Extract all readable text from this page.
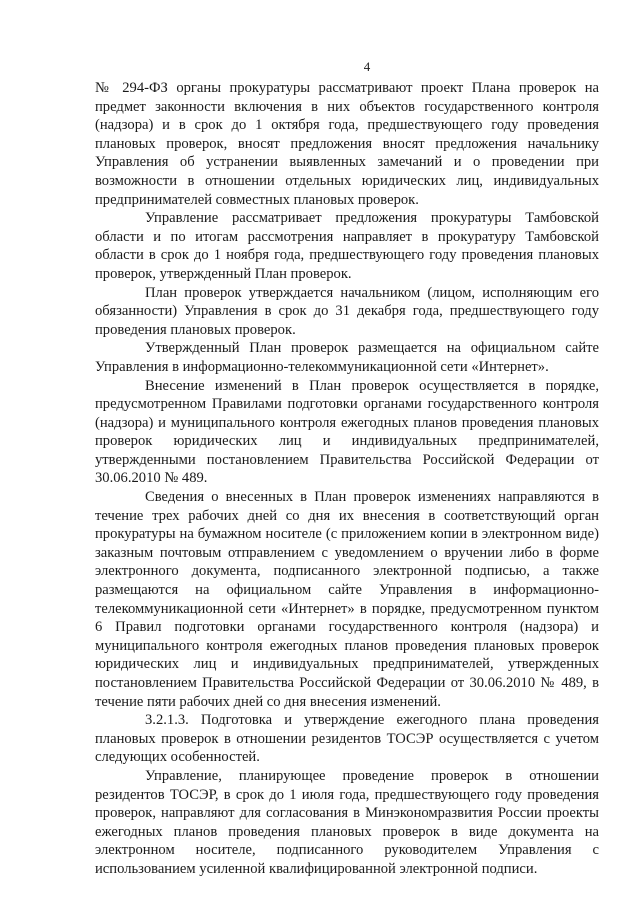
4

№ 294-ФЗ органы прокуратуры рассматривают проект Плана проверок на предмет законности включения в них объектов государственного контроля (надзора) и в срок до 1 октября года, предшествующего году проведения плановых проверок, вносят предложения вносят предложения начальнику Управления об устранении выявленных замечаний и о проведении при возможности в отношении отдельных юридических лиц, индивидуальных предпринимателей совместных плановых проверок.

Управление рассматривает предложения прокуратуры Тамбовской области и по итогам рассмотрения направляет в прокуратуру Тамбовской области в срок до 1 ноября года, предшествующего году проведения плановых проверок, утвержденный План проверок.

План проверок утверждается начальником (лицом, исполняющим его обязанности) Управления в срок до 31 декабря года, предшествующего году проведения плановых проверок.

Утвержденный План проверок размещается на официальном сайте Управления в информационно-телекоммуникационной сети «Интернет».

Внесение изменений в План проверок осуществляется в порядке, предусмотренном Правилами подготовки органами государственного контроля (надзора) и муниципального контроля ежегодных планов проведения плановых проверок юридических лиц и индивидуальных предпринимателей, утвержденными постановлением Правительства Российской Федерации от 30.06.2010 № 489.

Сведения о внесенных в План проверок изменениях направляются в течение трех рабочих дней со дня их внесения в соответствующий орган прокуратуры на бумажном носителе (с приложением копии в электронном виде) заказным почтовым отправлением с уведомлением о вручении либо в форме электронного документа, подписанного электронной подписью, а также размещаются на официальном сайте Управления в информационно-телекоммуникационной сети «Интернет» в порядке, предусмотренном пунктом 6 Правил подготовки органами государственного контроля (надзора) и муниципального контроля ежегодных планов проведения плановых проверок юридических лиц и индивидуальных предпринимателей, утвержденных постановлением Правительства Российской Федерации от 30.06.2010 № 489, в течение пяти рабочих дней со дня внесения изменений.

3.2.1.3. Подготовка и утверждение ежегодного плана проведения плановых проверок в отношении резидентов ТОСЭР осуществляется с учетом следующих особенностей.

Управление, планирующее проведение проверок в отношении резидентов ТОСЭР, в срок до 1 июля года, предшествующего году проведения проверок, направляют для согласования в Минэкономразвития России проекты ежегодных планов проведения плановых проверок в виде документа на электронном носителе, подписанного руководителем Управления с использованием усиленной квалифицированной электронной подписи.
